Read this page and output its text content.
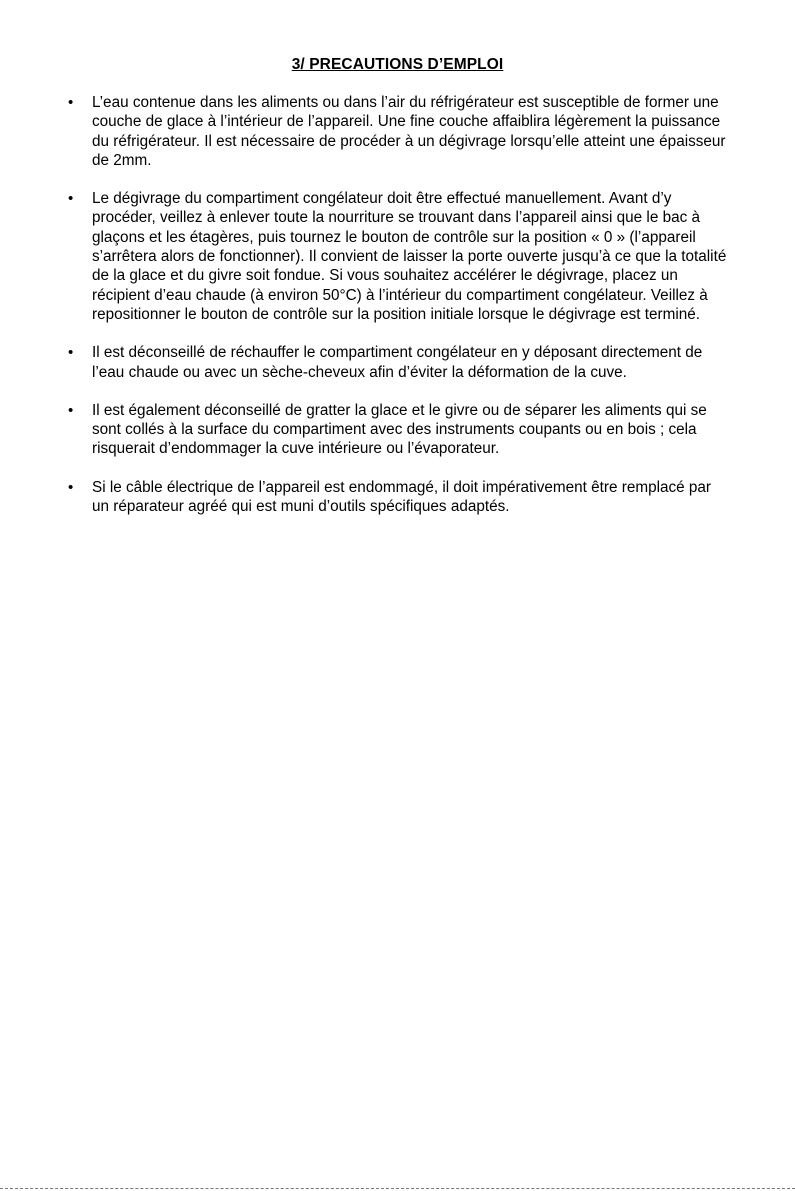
3/ PRECAUTIONS D’EMPLOI
• L’eau contenue dans les aliments ou dans l’air du réfrigérateur est susceptible de former une couche de glace à l’intérieur de l’appareil. Une fine couche affaiblira légèrement la puissance du réfrigérateur. Il est nécessaire de procéder à un dégivrage lorsqu’elle atteint une épaisseur de 2mm.
• Le dégivrage du compartiment congélateur doit être effectué manuellement. Avant d’y procéder, veillez à enlever toute la nourriture se trouvant dans l’appareil ainsi que le bac à glaçons et les étagères, puis tournez le bouton de contrôle sur la position « 0 » (l’appareil s’arrêtera alors de fonctionner). Il convient de laisser la porte ouverte jusqu’à ce que la totalité de la glace et du givre soit fondue. Si vous souhaitez accélérer le dégivrage, placez un récipient d’eau chaude (à environ 50°C) à l’intérieur du compartiment congélateur. Veillez à repositionner le bouton de contrôle sur la position initiale lorsque le dégivrage est terminé.
• Il est déconseillé de réchauffer le compartiment congélateur en y déposant directement de l’eau chaude ou avec un sèche-cheveux afin d’éviter la déformation de la cuve.
• Il est également déconseillé de gratter la glace et le givre ou de séparer les aliments qui se sont collés à la surface du compartiment avec des instruments coupants ou en bois ; cela risquerait d’endommager la cuve intérieure ou l’évaporateur.
• Si le câble électrique de l’appareil est endommagé, il doit impérativement être remplacé par un réparateur agréé qui est muni d’outils spécifiques adaptés.
